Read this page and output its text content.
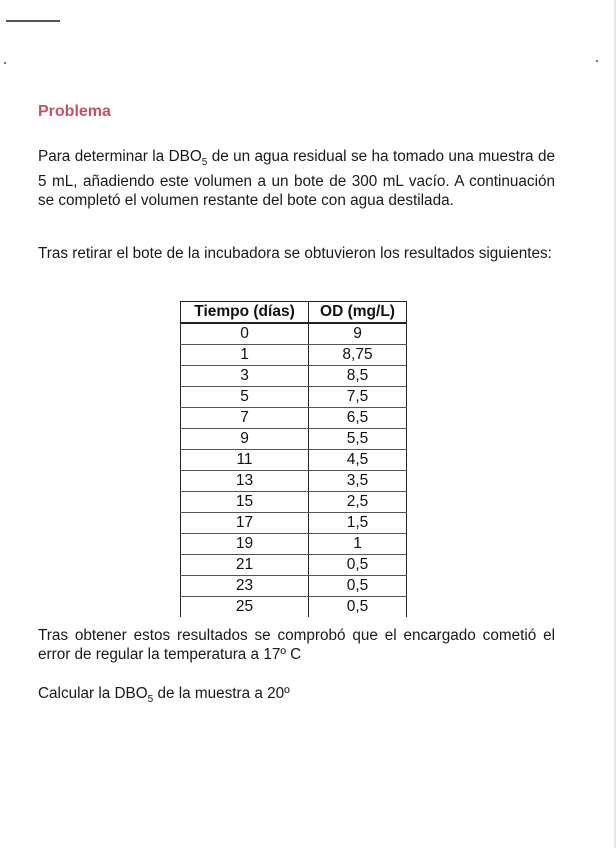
Problema

Para determinar la $DBO_5$ de un agua residual se ha tomado una muestra de 5 mL, añadiendo este volumen a un bote de 300 mL vacío. A continuación se completó el volumen restante del bote con agua destilada.

Tras retirar el bote de la incubadora se obtuvieron los resultados siguientes:

Tiempo (días)	OD (mg/L)
0	9
1	8,75
3	8,5
5	7,5
7	6,5
9	5,5
11	4,5
13	3,5
15	2,5
17	1,5
19	1
21	0,5
23	0,5
25	0,5

Tras obtener estos resultados se comprobó que el encargado cometió el error de regular la temperatura a 17º C

Calcular la $DBO_5$ de la muestra a 20º
